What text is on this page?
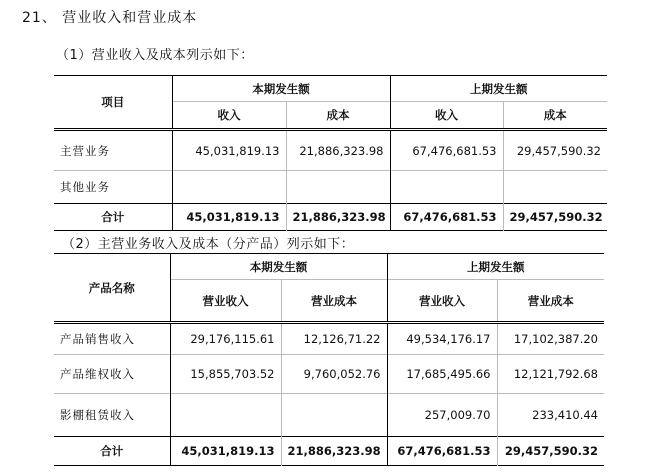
21、 营业收入和营业成本
（1）营业收入及成本列示如下：
项目	本期发生额		上期发生额	
	收入	成本	收入	成本
主营业务	45,031,819.13	21,886,323.98	67,476,681.53	29,457,590.32
其他业务				
合计	45,031,819.13	21,886,323.98	67,476,681.53	29,457,590.32
（2）主营业务收入及成本（分产品）列示如下：
产品名称	本期发生额		上期发生额	
	营业收入	营业成本	营业收入	营业成本
产品销售收入	29,176,115.61	12,126,71.22	49,534,176.17	17,102,387.20
产品维权收入	15,855,703.52	9,760,052.76	17,685,495.66	12,121,792.68
影棚租赁收入			257,009.70	233,410.44
合计	45,031,819.13	21,886,323.98	67,476,681.53	29,457,590.32
